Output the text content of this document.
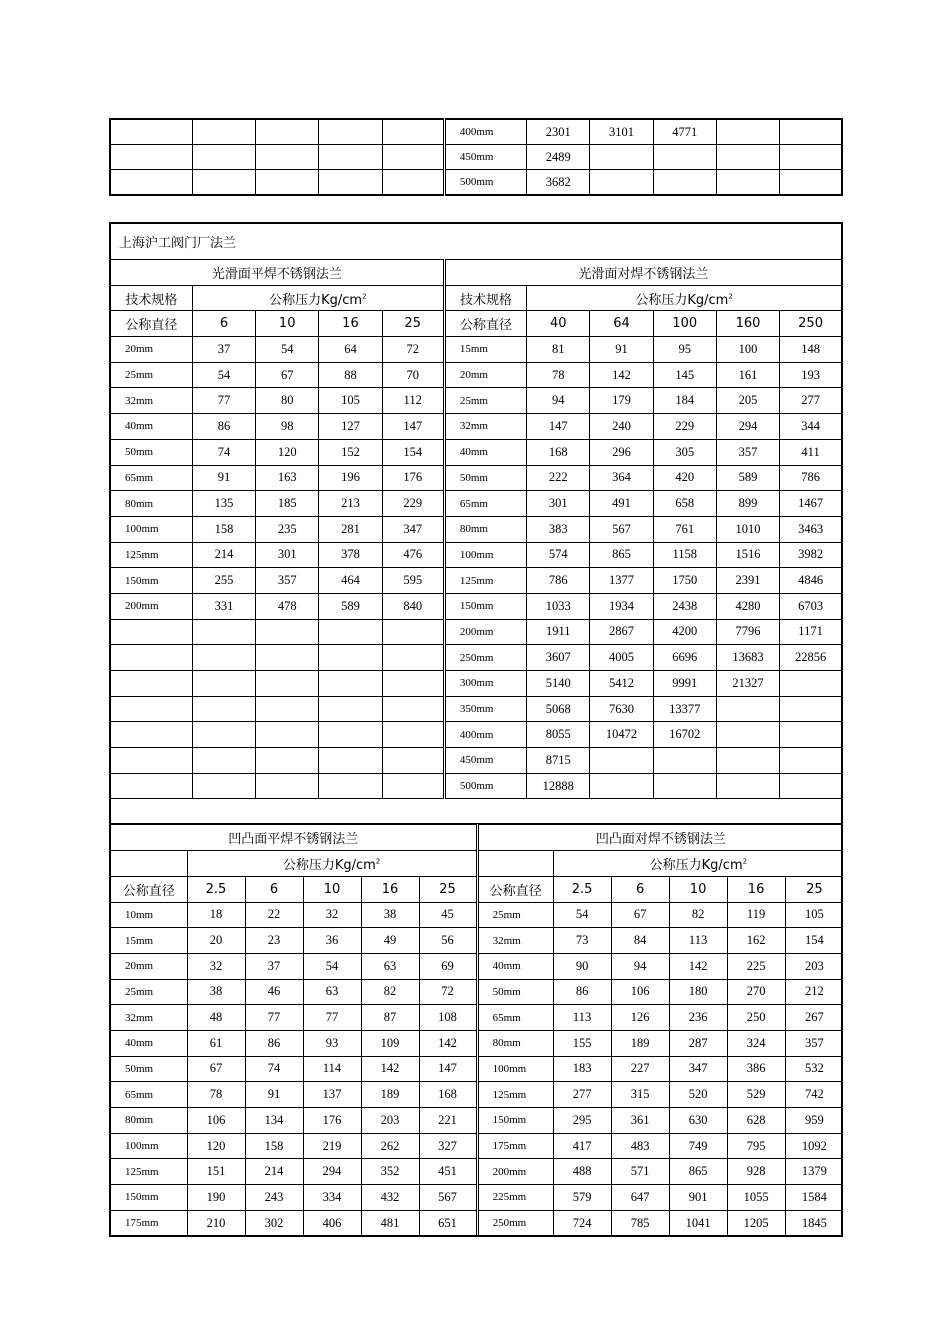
					400mm	2301	3101	4771		
					450mm	2489				
					500mm	3682				
上海沪工阀门厂法兰
光滑面平焊不锈钢法兰	光滑面对焊不锈钢法兰
技术规格	公称压力$Kg/cm^2$	技术规格	公称压力$Kg/cm^2$
公称直径	6	10	16	25	公称直径	40	64	100	160	250
20mm	37	54	64	72	15mm	81	91	95	100	148
25mm	54	67	88	70	20mm	78	142	145	161	193
32mm	77	80	105	112	25mm	94	179	184	205	277
40mm	86	98	127	147	32mm	147	240	229	294	344
50mm	74	120	152	154	40mm	168	296	305	357	411
65mm	91	163	196	176	50mm	222	364	420	589	786
80mm	135	185	213	229	65mm	301	491	658	899	1467
100mm	158	235	281	347	80mm	383	567	761	1010	3463
125mm	214	301	378	476	100mm	574	865	1158	1516	3982
150mm	255	357	464	595	125mm	786	1377	1750	2391	4846
200mm	331	478	589	840	150mm	1033	1934	2438	4280	6703
					200mm	1911	2867	4200	7796	1171
					250mm	3607	4005	6696	13683	22856
					300mm	5140	5412	9991	21327	
					350mm	5068	7630	13377		
					400mm	8055	10472	16702		
					450mm	8715				
					500mm	12888				

凹凸面平焊不锈钢法兰	凹凸面对焊不锈钢法兰
	公称压力$Kg/cm^2$		公称压力$Kg/cm^2$
公称直径	2.5	6	10	16	25	公称直径	2.5	6	10	16	25
10mm	18	22	32	38	45	25mm	54	67	82	119	105
15mm	20	23	36	49	56	32mm	73	84	113	162	154
20mm	32	37	54	63	69	40mm	90	94	142	225	203
25mm	38	46	63	82	72	50mm	86	106	180	270	212
32mm	48	77	77	87	108	65mm	113	126	236	250	267
40mm	61	86	93	109	142	80mm	155	189	287	324	357
50mm	67	74	114	142	147	100mm	183	227	347	386	532
65mm	78	91	137	189	168	125mm	277	315	520	529	742
80mm	106	134	176	203	221	150mm	295	361	630	628	959
100mm	120	158	219	262	327	175mm	417	483	749	795	1092
125mm	151	214	294	352	451	200mm	488	571	865	928	1379
150mm	190	243	334	432	567	225mm	579	647	901	1055	1584
175mm	210	302	406	481	651	250mm	724	785	1041	1205	1845
